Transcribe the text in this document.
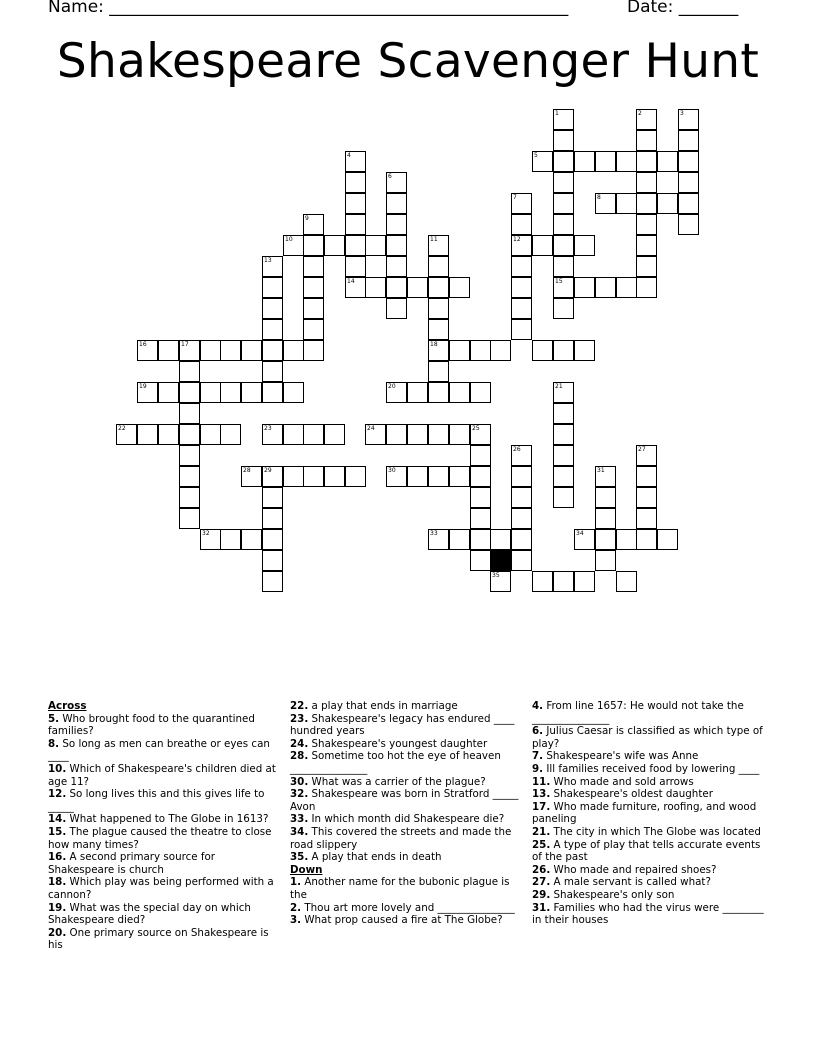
Name: ______________________________________________________	Date: _______
Shakespeare Scavenger Hunt
1
15
2	3
5
4
6
7
12
8
9
10	11
18
13
14
16	17
19	20	21
22	23	24	25
26	27
28 29	30	31
32	33	34
35
Across
5. Who brought food to the quarantined families?
8. So long as men can breathe or eyes can ____
10. Which of Shakespeare's children died at age 11?
12. So long lives this and this gives life to _____
14. What happened to The Globe in 1613?
15. The plague caused the theatre to close how many times?
16. A second primary source for Shakespeare is church
18. Which play was being performed with a cannon?
19. What was the special day on which Shakespeare died?
20. One primary source on Shakespeare is his
22. a play that ends in marriage
23. Shakespeare's legacy has endured ____ hundred years
24. Shakespeare's youngest daughter
28. Sometime too hot the eye of heaven _______________
30. What was a carrier of the plague?
32. Shakespeare was born in Stratford _____ Avon
33. In which month did Shakespeare die?
34. This covered the streets and made the road slippery
35. A play that ends in death
Down
1. Another name for the bubonic plague is the
2. Thou art more lovely and _______________
3. What prop caused a fire at The Globe?
4. From line 1657: He would not take the _______________
6. Julius Caesar is classified as which type of play?
7. Shakespeare's wife was Anne
9. Ill families received food by lowering ____
11. Who made and sold arrows
13. Shakespeare's oldest daughter
17. Who made furniture, roofing, and wood paneling
21. The city in which The Globe was located
25. A type of play that tells accurate events of the past
26. Who made and repaired shoes?
27. A male servant is called what?
29. Shakespeare's only son
31. Families who had the virus were ________ in their houses
